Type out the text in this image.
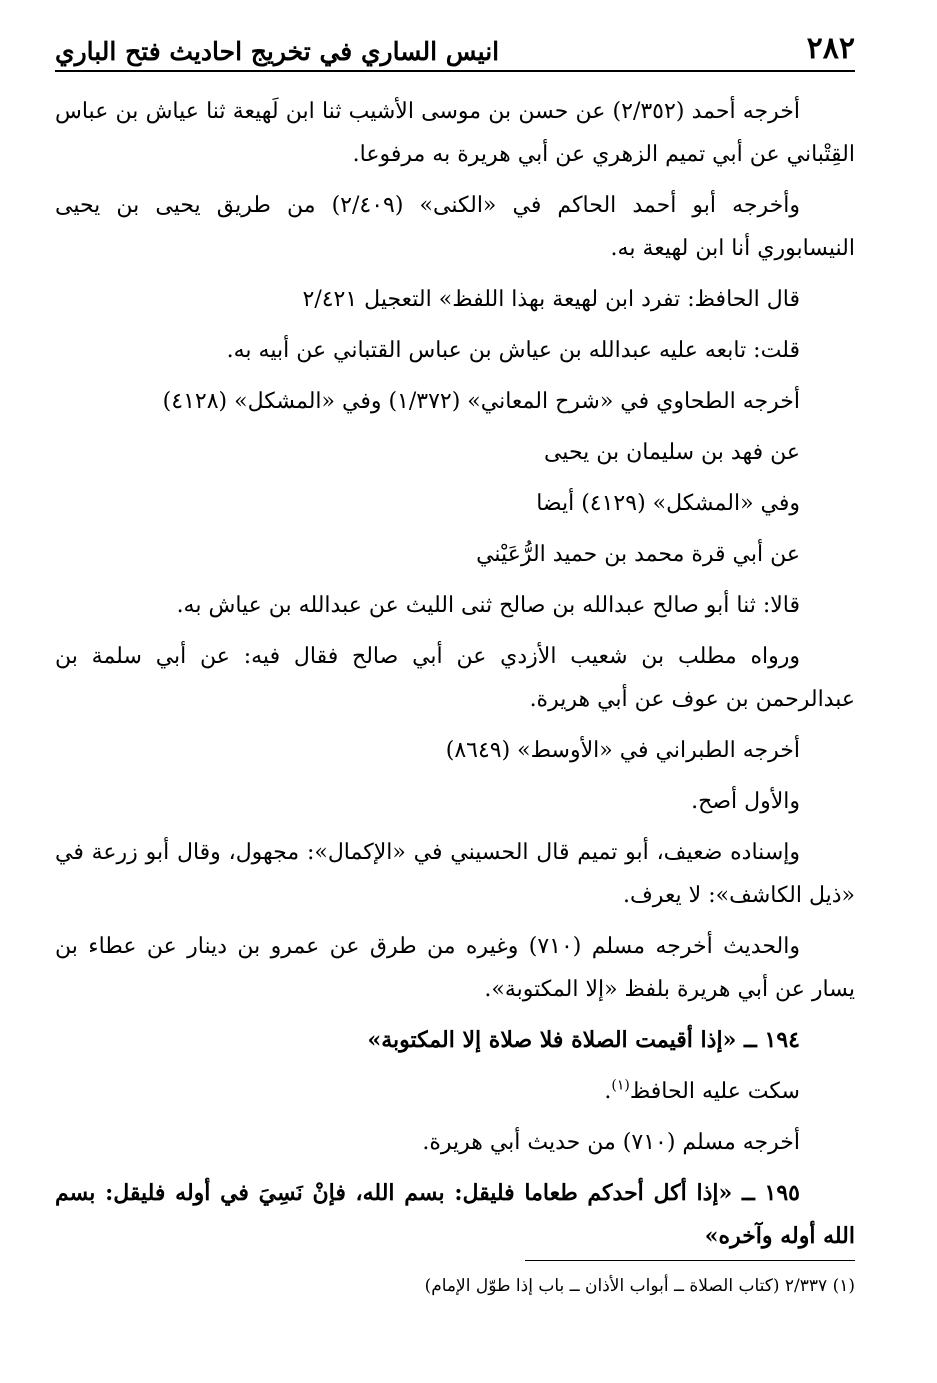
٢٨٢
انيس الساري في تخريج احاديث فتح الباري

أخرجه أحمد (٢/٣٥٢) عن حسن بن موسى الأشيب ثنا ابن لَهيعة ثنا عياش بن عباس القِتْباني عن أبي تميم الزهري عن أبي هريرة به مرفوعا.

وأخرجه أبو أحمد الحاكم في «الكنى» (٢/٤٠٩) من طريق يحيى بن يحيى النيسابوري أنا ابن لهيعة به.

قال الحافظ: تفرد ابن لهيعة بهذا اللفظ» التعجيل ٢/٤٢١

قلت: تابعه عليه عبدالله بن عياش بن عباس القتباني عن أبيه به.

أخرجه الطحاوي في «شرح المعاني» (١/٣٧٢) وفي «المشكل» (٤١٢٨)

عن فهد بن سليمان بن يحيى

وفي «المشكل» (٤١٢٩) أيضا

عن أبي قرة محمد بن حميد الرُّعَيْني

قالا: ثنا أبو صالح عبدالله بن صالح ثنى الليث عن عبدالله بن عياش به.

ورواه مطلب بن شعيب الأزدي عن أبي صالح فقال فيه: عن أبي سلمة بن عبدالرحمن بن عوف عن أبي هريرة.

أخرجه الطبراني في «الأوسط» (٨٦٤٩)

والأول أصح.

وإسناده ضعيف، أبو تميم قال الحسيني في «الإكمال»: مجهول، وقال أبو زرعة في «ذيل الكاشف»: لا يعرف.

والحديث أخرجه مسلم (٧١٠) وغيره من طرق عن عمرو بن دينار عن عطاء بن يسار عن أبي هريرة بلفظ «إلا المكتوبة».

١٩٤ ــ «إذا أقيمت الصلاة فلا صلاة إلا المكتوبة»

سكت عليه الحافظ$^{(١)}$.

أخرجه مسلم (٧١٠) من حديث أبي هريرة.

١٩٥ ــ «إذا أكل أحدكم طعاما فليقل: بسم الله، فإنْ نَسِيَ في أوله فليقل: بسم الله أوله وآخره»

(١) ٢/٣٣٧ (كتاب الصلاة ــ أبواب الأذان ــ باب إذا طوّل الإمام)
